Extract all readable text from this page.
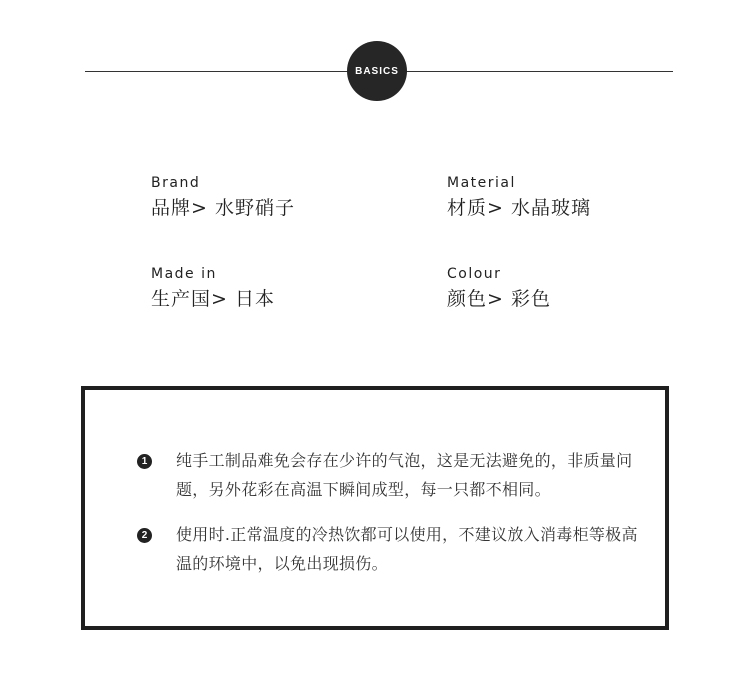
BASICS
Brand
品牌> 水野硝子
Material
材质> 水晶玻璃
Made in
生产国> 日本
Colour
颜色> 彩色
1 纯手工制品难免会存在少许的气泡，这是无法避免的，非质量问题，另外花彩在高温下瞬间成型，每一只都不相同。
2 使用时.正常温度的冷热饮都可以使用，不建议放入消毒柜等极高温的环境中，以免出现损伤。
